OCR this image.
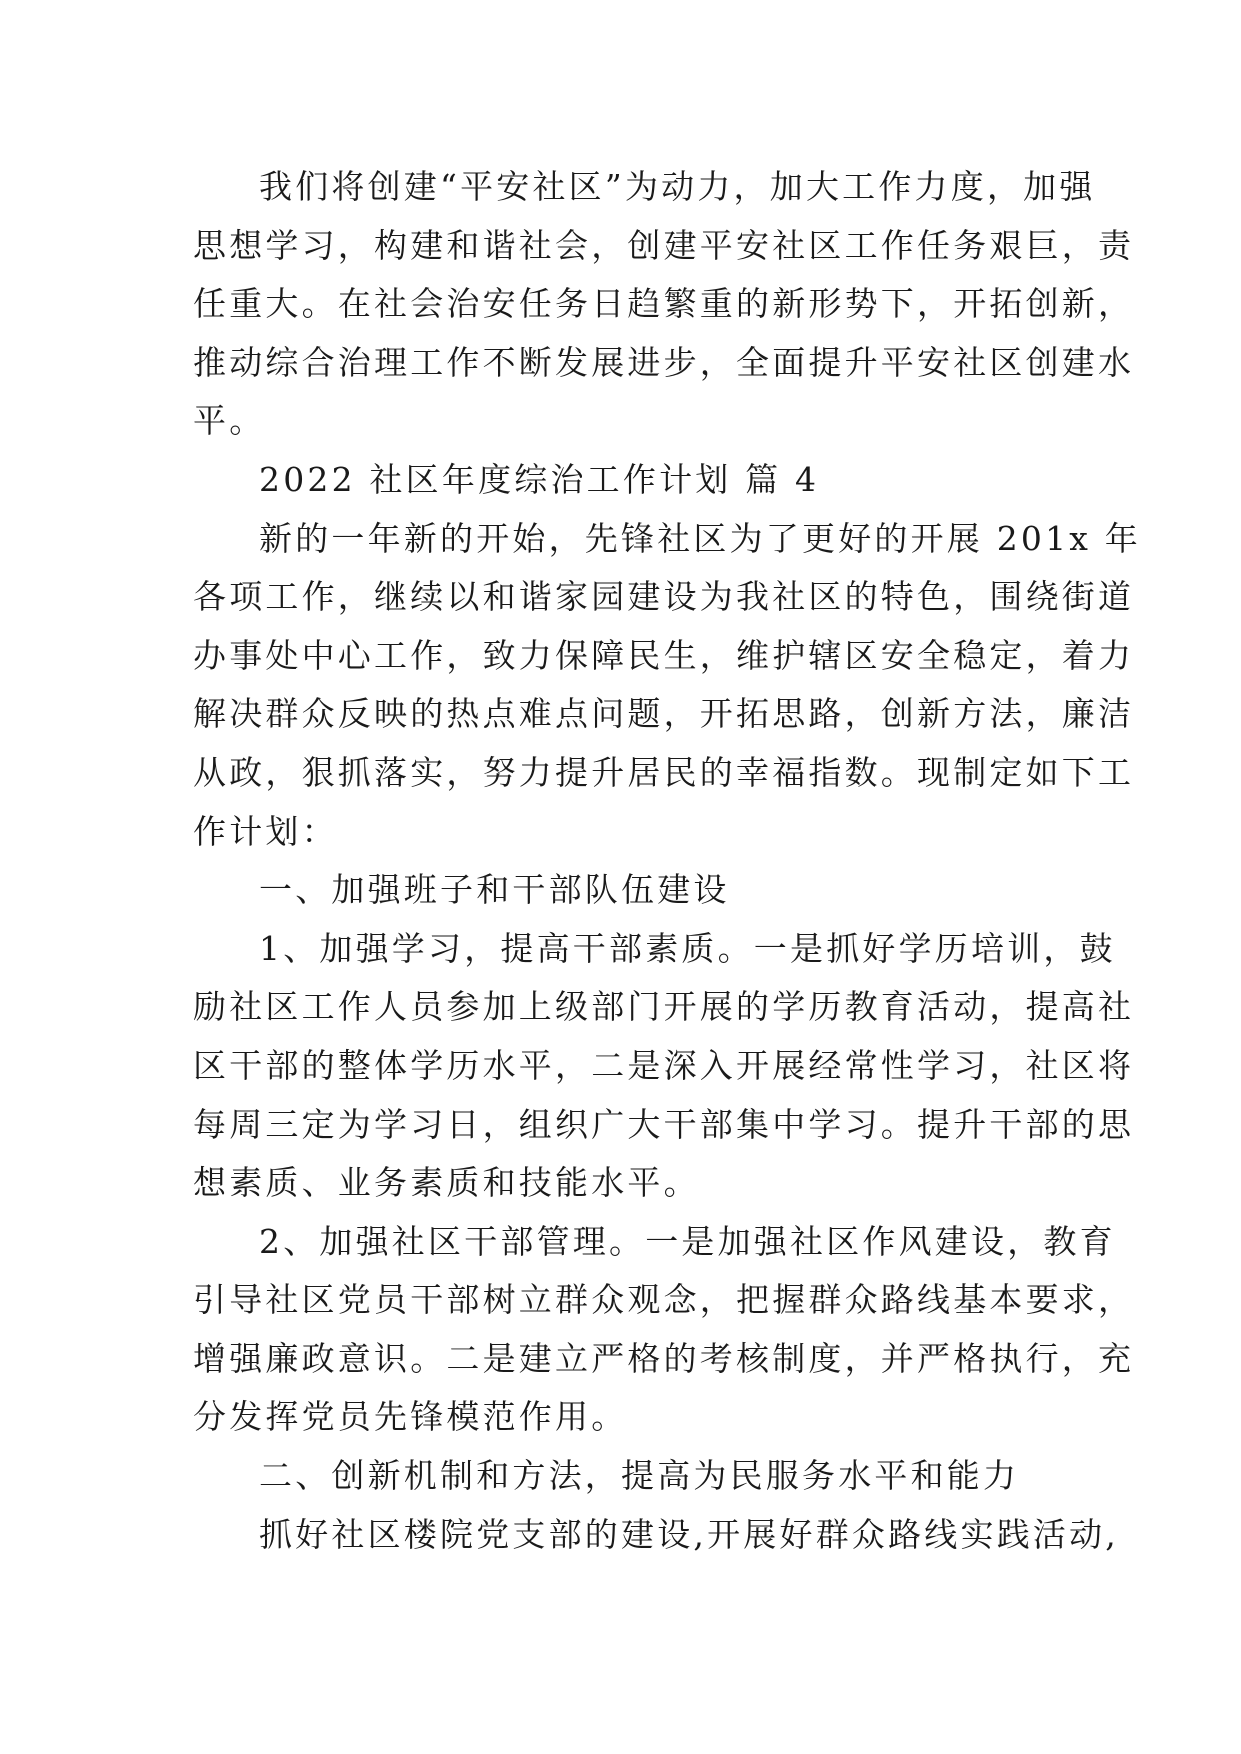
我们将创建“平安社区”为动力，加大工作力度，加强
思想学习，构建和谐社会，创建平安社区工作任务艰巨，责
任重大。在社会治安任务日趋繁重的新形势下，开拓创新，
推动综合治理工作不断发展进步，全面提升平安社区创建水
平。
2022 社区年度综治工作计划 篇 4
新的一年新的开始，先锋社区为了更好的开展 201x 年
各项工作，继续以和谐家园建设为我社区的特色，围绕街道
办事处中心工作，致力保障民生，维护辖区安全稳定，着力
解决群众反映的热点难点问题，开拓思路，创新方法，廉洁
从政，狠抓落实，努力提升居民的幸福指数。现制定如下工
作计划：
一、加强班子和干部队伍建设
1、加强学习，提高干部素质。一是抓好学历培训，鼓
励社区工作人员参加上级部门开展的学历教育活动，提高社
区干部的整体学历水平，二是深入开展经常性学习，社区将
每周三定为学习日，组织广大干部集中学习。提升干部的思
想素质、业务素质和技能水平。
2、加强社区干部管理。一是加强社区作风建设，教育
引导社区党员干部树立群众观念，把握群众路线基本要求，
增强廉政意识。二是建立严格的考核制度，并严格执行，充
分发挥党员先锋模范作用。
二、创新机制和方法，提高为民服务水平和能力
抓好社区楼院党支部的建设,开展好群众路线实践活动,
